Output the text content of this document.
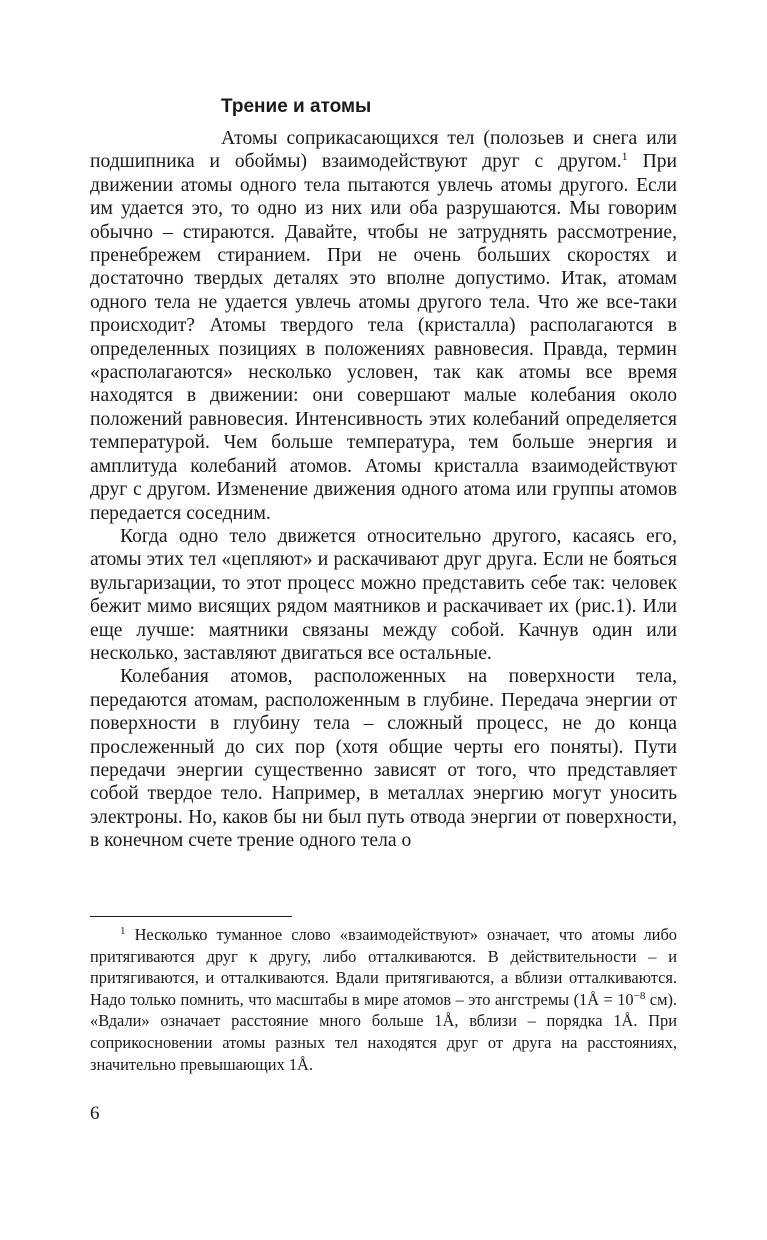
Трение и атомы

Атомы соприкасающихся тел (полозьев и снега или подшипника и обоймы) взаимодействуют друг с другом.$^1$ При движении атомы одного тела пытаются увлечь атомы другого. Если им удается это, то одно из них или оба разрушаются. Мы говорим обычно – стираются. Давайте, чтобы не затруднять рассмотрение, пренебрежем стиранием. При не очень больших скоростях и достаточно твердых деталях это вполне допустимо. Итак, атомам одного тела не удается увлечь атомы другого тела. Что же все-таки происходит? Атомы твердого тела (кристалла) располагаются в определенных позициях в положениях равновесия. Правда, термин «располагаются» несколько условен, так как атомы все время находятся в движении: они совершают малые колебания около положений равновесия. Интенсивность этих колебаний определяется температурой. Чем больше температура, тем больше энергия и амплитуда колебаний атомов. Атомы кристалла взаимодействуют друг с другом. Изменение движения одного атома или группы атомов передается соседним.

Когда одно тело движется относительно другого, касаясь его, атомы этих тел «цепляют» и раскачивают друг друга. Если не бояться вульгаризации, то этот процесс можно представить себе так: человек бежит мимо висящих рядом маятников и раскачивает их (рис.1). Или еще лучше: маятники связаны между собой. Качнув один или несколько, заставляют двигаться все остальные.

Колебания атомов, расположенных на поверхности тела, передаются атомам, расположенным в глубине. Передача энергии от поверхности в глубину тела – сложный процесс, не до конца прослеженный до сих пор (хотя общие черты его поняты). Пути передачи энергии существенно зависят от того, что представляет собой твердое тело. Например, в металлах энергию могут уносить электроны. Но, каков бы ни был путь отвода энергии от поверхности, в конечном счете трение одного тела о

$^1$ Несколько туманное слово «взаимодействуют» означает, что атомы либо притягиваются друг к другу, либо отталкиваются. В действительности – и притягиваются, и отталкиваются. Вдали притягиваются, а вблизи отталкиваются. Надо только помнить, что масштабы в мире атомов – это ангстремы (1Å = $10^{-8}$ см). «Вдали» означает расстояние много больше 1Å, вблизи – порядка 1Å. При соприкосновении атомы разных тел находятся друг от друга на расстояниях, значительно превышающих 1Å.

6
